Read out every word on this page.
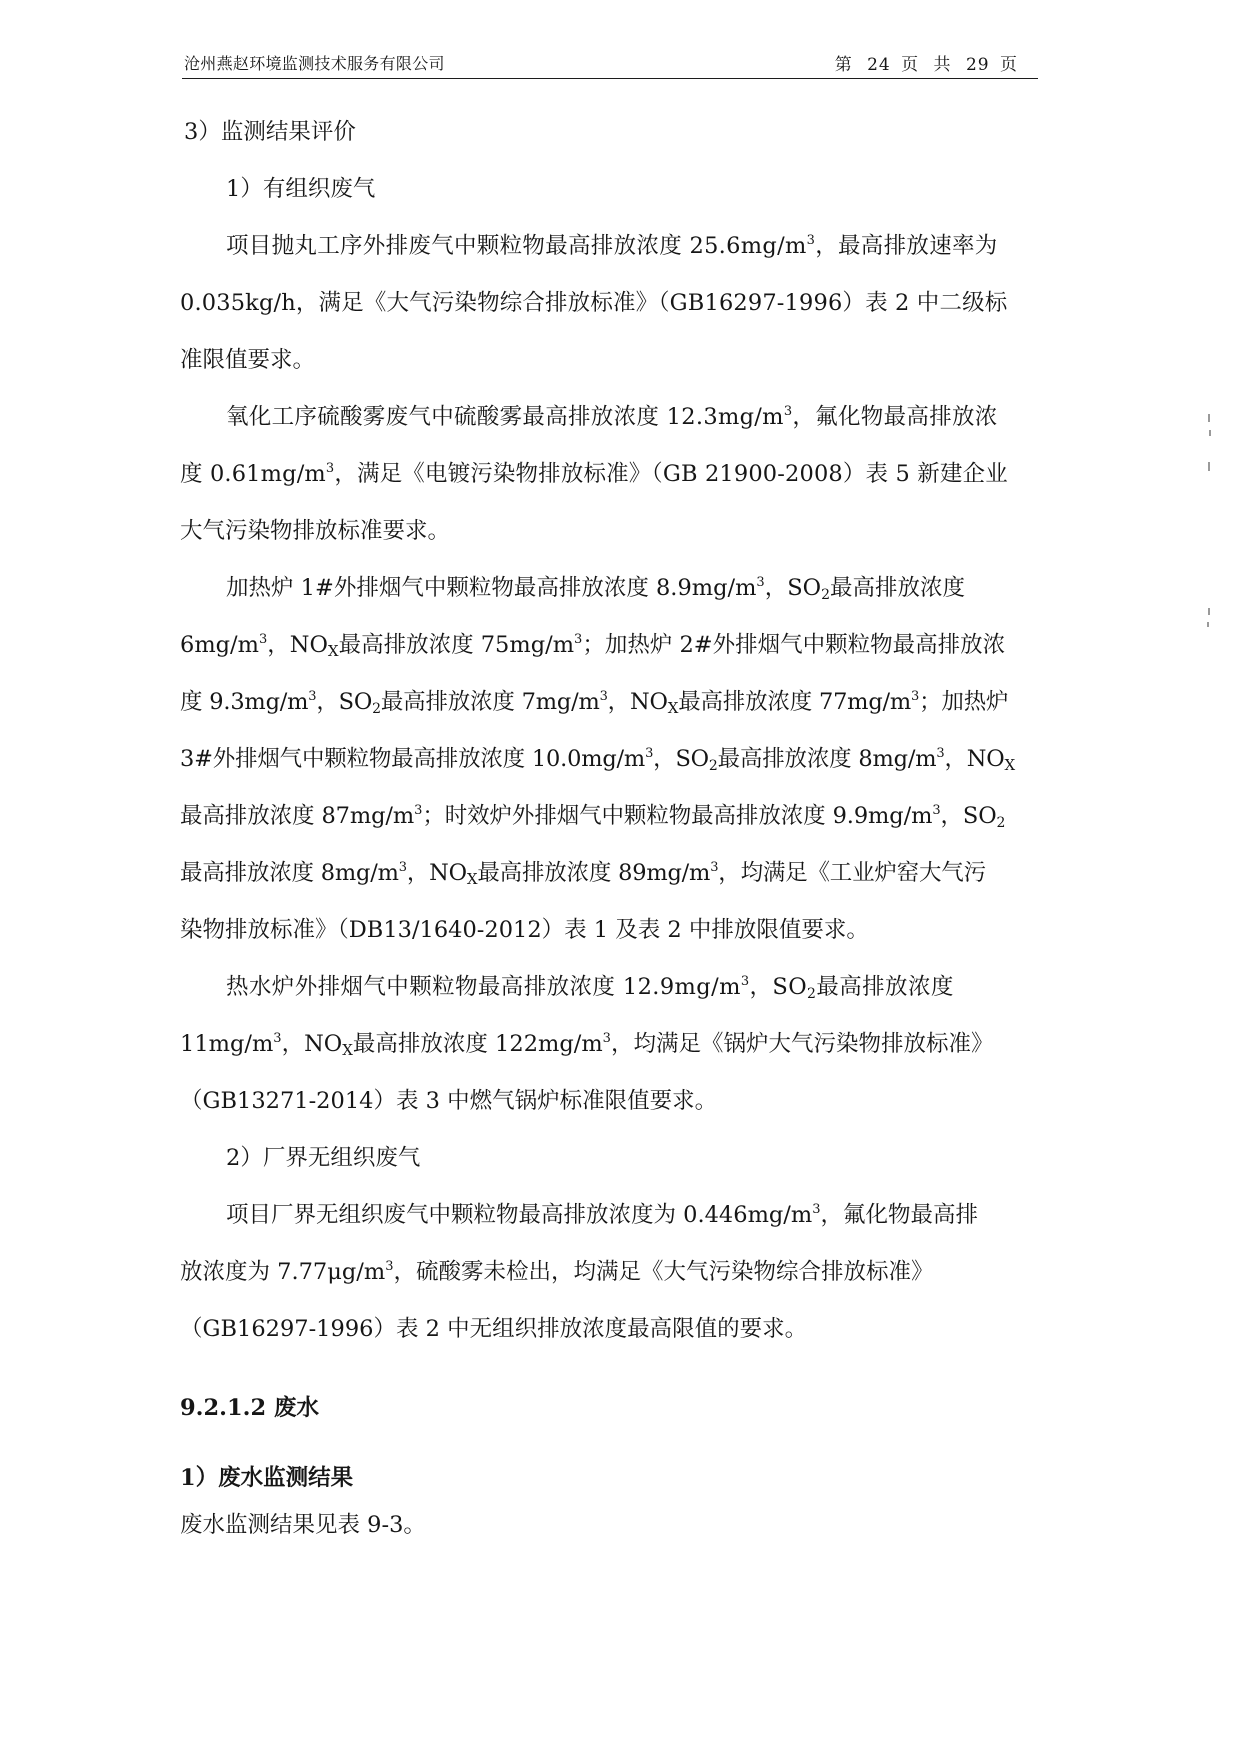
沧州燕赵环境监测技术服务有限公司	第 24 页 共 29 页
3）监测结果评价
1）有组织废气
项目抛丸工序外排废气中颗粒物最高排放浓度 $25.6mg/m^3$，最高排放速率为
0.035kg/h，满足《大气污染物综合排放标准》（GB16297-1996）表 2 中二级标
准限值要求。
氧化工序硫酸雾废气中硫酸雾最高排放浓度 $12.3mg/m^3$，氟化物最高排放浓
度 $0.61mg/m^3$，满足《电镀污染物排放标准》（GB 21900-2008）表 5 新建企业
大气污染物排放标准要求。
加热炉 1#外排烟气中颗粒物最高排放浓度 $8.9mg/m^3$，$SO_2$最高排放浓度
$6mg/m^3$，$NO_X$最高排放浓度 $75mg/m^3$；加热炉 2#外排烟气中颗粒物最高排放浓
度 $9.3mg/m^3$，$SO_2$最高排放浓度 $7mg/m^3$，$NO_X$最高排放浓度 $77mg/m^3$；加热炉
3#外排烟气中颗粒物最高排放浓度 $10.0mg/m^3$，$SO_2$最高排放浓度 $8mg/m^3$，$NO_X$
最高排放浓度 $87mg/m^3$；时效炉外排烟气中颗粒物最高排放浓度 $9.9mg/m^3$，$SO_2$
最高排放浓度 $8mg/m^3$，$NO_X$最高排放浓度 $89mg/m^3$，均满足《工业炉窑大气污
染物排放标准》（DB13/1640-2012）表 1 及表 2 中排放限值要求。
热水炉外排烟气中颗粒物最高排放浓度 $12.9mg/m^3$，$SO_2$最高排放浓度
$11mg/m^3$，$NO_X$最高排放浓度 $122mg/m^3$，均满足《锅炉大气污染物排放标准》
（GB13271-2014）表 3 中燃气锅炉标准限值要求。
2）厂界无组织废气
项目厂界无组织废气中颗粒物最高排放浓度为 $0.446mg/m^3$，氟化物最高排
放浓度为 $7.77\mu g/m^3$，硫酸雾未检出，均满足《大气污染物综合排放标准》
（GB16297-1996）表 2 中无组织排放浓度最高限值的要求。
9.2.1.2 废水
1）废水监测结果
废水监测结果见表 9-3。
